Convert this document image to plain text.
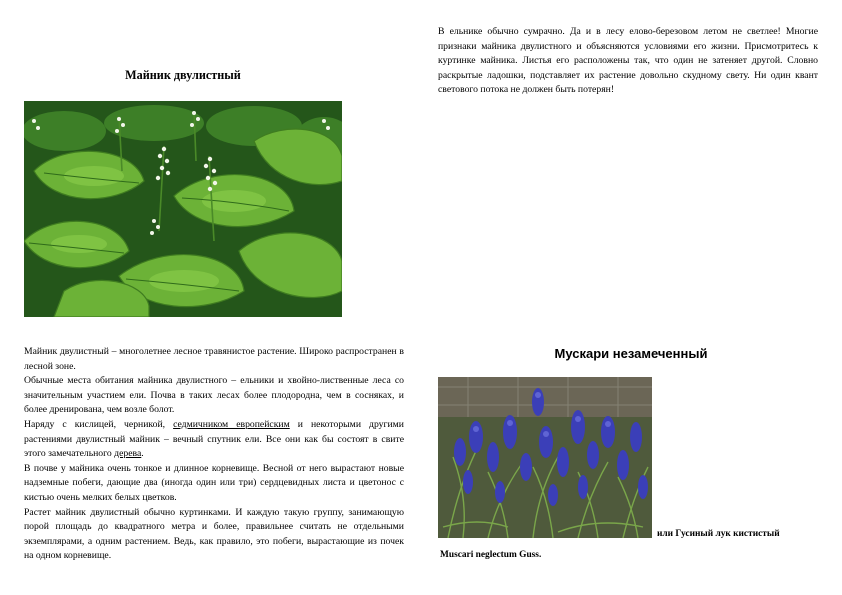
Майник двулистный

Майник двулистный – многолетнее лесное травянистое растение. Широко распространен в лесной зоне.

Обычные места обитания майника двулистного – ельники и хвойно-лиственные леса со значительным участием ели. Почва в таких лесах более плодородна, чем в сосняках, и более дренирована, чем возле болот.

Наряду с кислицей, черникой, седмичником европейским и некоторыми другими растениями двулистный майник – вечный спутник ели. Все они как бы состоят в свите этого замечательного дерева.

В почве у майника очень тонкое и длинное корневище. Весной от него вырастают новые надземные побеги, дающие два (иногда один или три) сердцевидных листа и цветонос с кистью очень мелких белых цветков.

Растет майник двулистный обычно куртинками. И каждую такую группу, занимающую порой площадь до квадратного метра и более, правильнее считать не отдельными экземплярами, а одним растением. Ведь, как правило, это побеги, вырастающие из почек на одном корневище.

В ельнике обычно сумрачно. Да и в лесу елово-березовом летом не светлее! Многие признаки майника двулистного и объясняются условиями его жизни. Присмотритесь к куртинке майника. Листья его расположены так, что один не затеняет другой. Словно раскрытые ладошки, подставляет их растение довольно скудному свету. Ни один квант светового потока не должен быть потерян!

Мускари незамеченный
или Гусиный лук кистистый
Muscari neglectum Guss.
